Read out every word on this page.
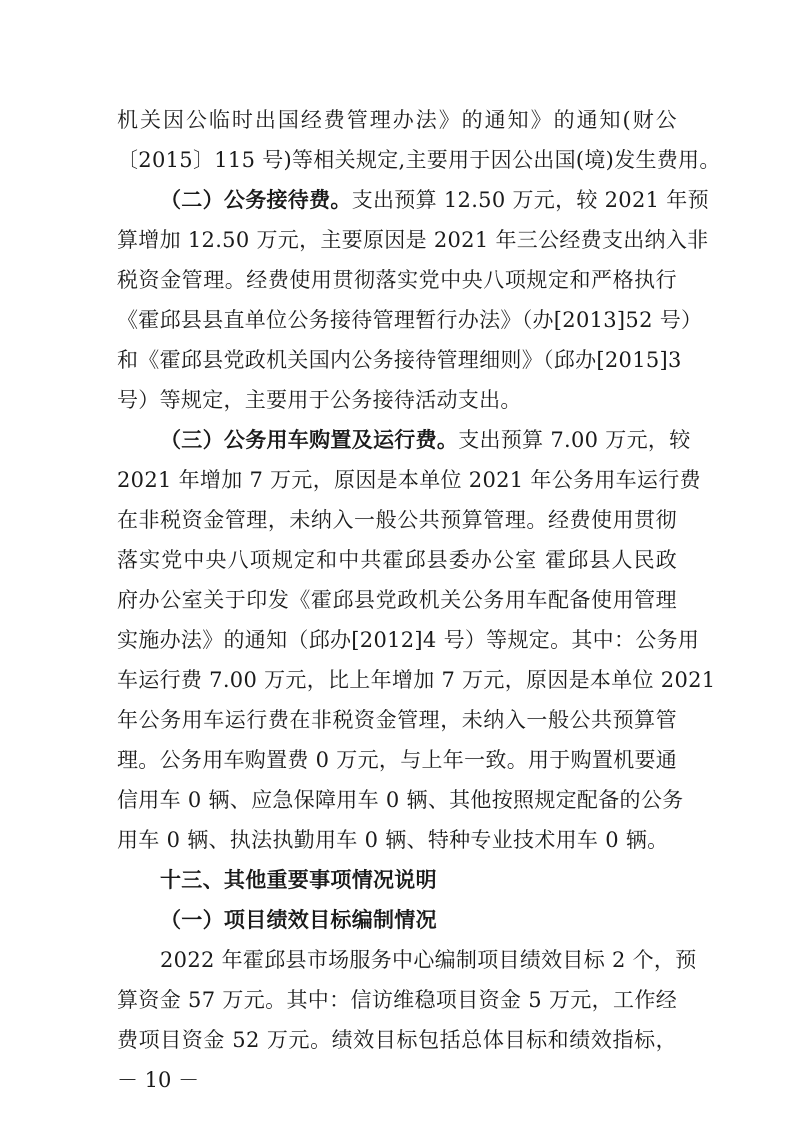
机关因公临时出国经费管理办法》的通知》的通知(财公
〔2015〕115 号)等相关规定,主要用于因公出国(境)发生费用。
（二）公务接待费。支出预算 12.50 万元，较 2021 年预
算增加 12.50 万元，主要原因是 2021 年三公经费支出纳入非
税资金管理。经费使用贯彻落实党中央八项规定和严格执行
《霍邱县县直单位公务接待管理暂行办法》（办[2013]52 号）
和《霍邱县党政机关国内公务接待管理细则》（邱办[2015]3
号）等规定，主要用于公务接待活动支出。
（三）公务用车购置及运行费。支出预算 7.00 万元，较
2021 年增加 7 万元，原因是本单位 2021 年公务用车运行费
在非税资金管理，未纳入一般公共预算管理。经费使用贯彻
落实党中央八项规定和中共霍邱县委办公室 霍邱县人民政
府办公室关于印发《霍邱县党政机关公务用车配备使用管理
实施办法》的通知（邱办[2012]4 号）等规定。其中：公务用
车运行费 7.00 万元，比上年增加 7 万元，原因是本单位 2021
年公务用车运行费在非税资金管理，未纳入一般公共预算管
理。公务用车购置费 0 万元，与上年一致。用于购置机要通
信用车 0 辆、应急保障用车 0 辆、其他按照规定配备的公务
用车 0 辆、执法执勤用车 0 辆、特种专业技术用车 0 辆。
十三、其他重要事项情况说明
（一）项目绩效目标编制情况
2022 年霍邱县市场服务中心编制项目绩效目标 2 个，预
算资金 57 万元。其中：信访维稳项目资金 5 万元，工作经
费项目资金 52 万元。绩效目标包括总体目标和绩效指标，
－ 10 －
